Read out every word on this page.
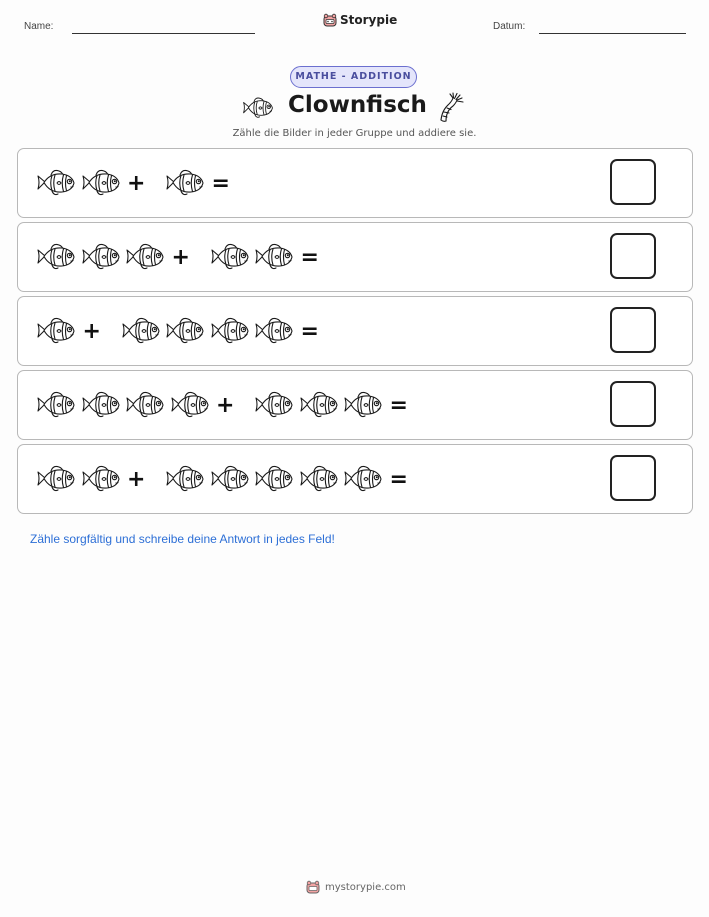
Name:	Storypie	Datum:
MATHE - ADDITION
Clownfisch
Zähle die Bilder in jeder Gruppe und addiere sie.
+	=
+	=
+	=
+	=
+	=
Zähle sorgfältig und schreibe deine Antwort in jedes Feld!
mystorypie.com
